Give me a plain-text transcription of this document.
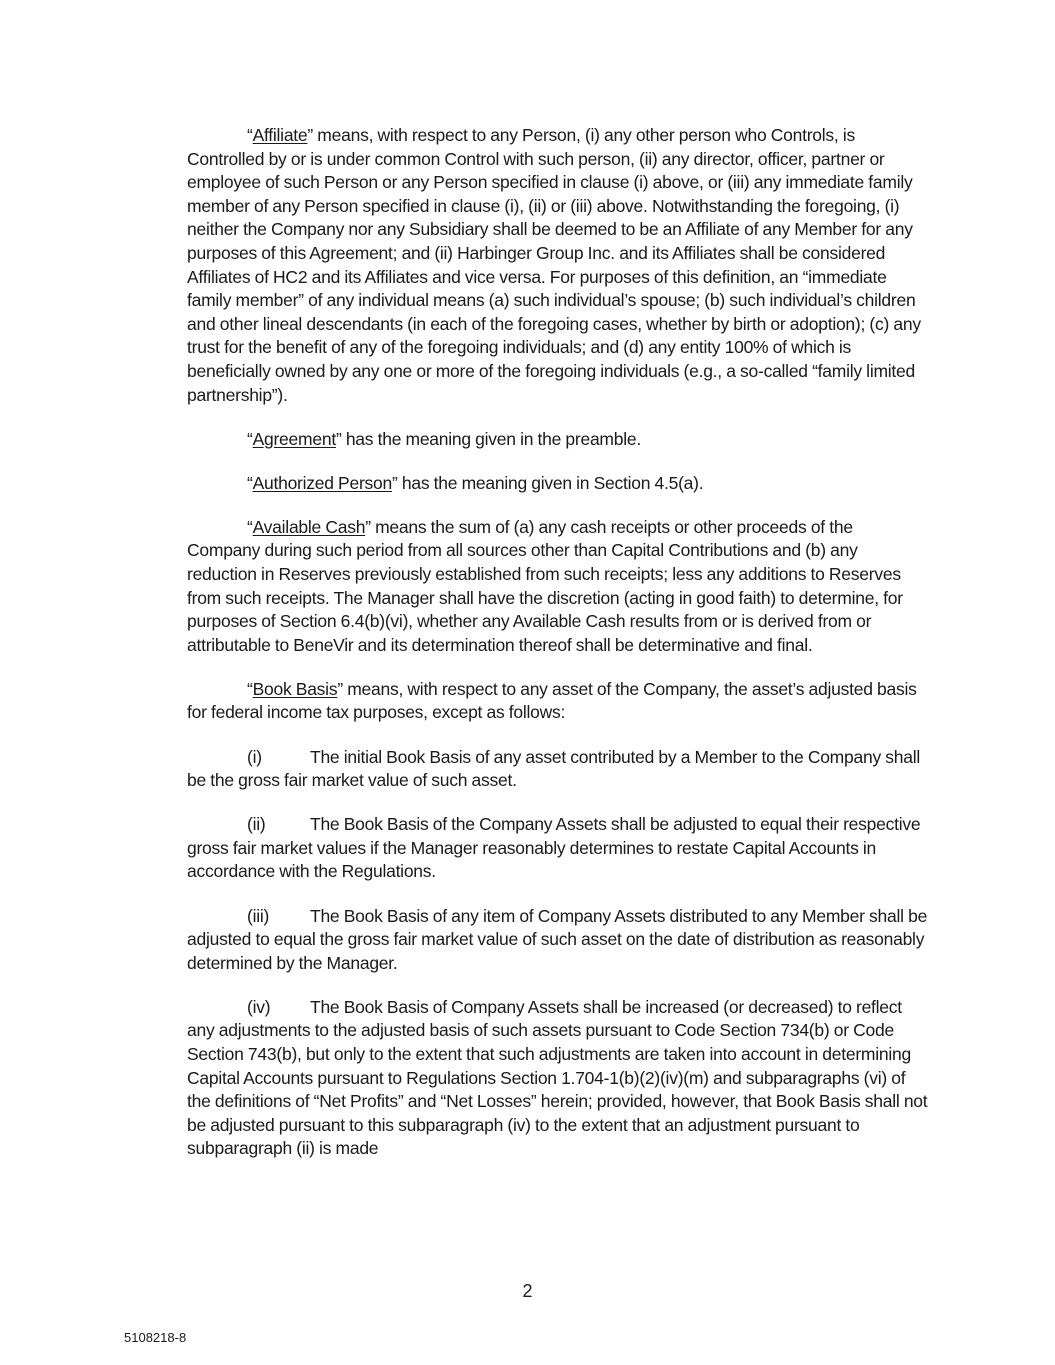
“Affiliate” means, with respect to any Person, (i) any other person who Controls, is Controlled by or is under common Control with such person, (ii) any director, officer, partner or employee of such Person or any Person specified in clause (i) above, or (iii) any immediate family member of any Person specified in clause (i), (ii) or (iii) above. Notwithstanding the foregoing, (i) neither the Company nor any Subsidiary shall be deemed to be an Affiliate of any Member for any purposes of this Agreement; and (ii) Harbinger Group Inc. and its Affiliates shall be considered Affiliates of HC2 and its Affiliates and vice versa. For purposes of this definition, an “immediate family member” of any individual means (a) such individual’s spouse; (b) such individual’s children and other lineal descendants (in each of the foregoing cases, whether by birth or adoption); (c) any trust for the benefit of any of the foregoing individuals; and (d) any entity 100% of which is beneficially owned by any one or more of the foregoing individuals (e.g., a so-called “family limited partnership”).

“Agreement” has the meaning given in the preamble.

“Authorized Person” has the meaning given in Section 4.5(a).

“Available Cash” means the sum of (a) any cash receipts or other proceeds of the Company during such period from all sources other than Capital Contributions and (b) any reduction in Reserves previously established from such receipts; less any additions to Reserves from such receipts. The Manager shall have the discretion (acting in good faith) to determine, for purposes of Section 6.4(b)(vi), whether any Available Cash results from or is derived from or attributable to BeneVir and its determination thereof shall be determinative and final.

“Book Basis” means, with respect to any asset of the Company, the asset’s adjusted basis for federal income tax purposes, except as follows:

(i)	The initial Book Basis of any asset contributed by a Member to the Company shall be the gross fair market value of such asset.

(ii)	The Book Basis of the Company Assets shall be adjusted to equal their respective gross fair market values if the Manager reasonably determines to restate Capital Accounts in accordance with the Regulations.

(iii) The Book Basis of any item of Company Assets distributed to any Member shall be adjusted to equal the gross fair market value of such asset on the date of distribution as reasonably determined by the Manager.

(iv) The Book Basis of Company Assets shall be increased (or decreased) to reflect any adjustments to the adjusted basis of such assets pursuant to Code Section 734(b) or Code Section 743(b), but only to the extent that such adjustments are taken into account in determining Capital Accounts pursuant to Regulations Section 1.704-1(b)(2)(iv)(m) and subparagraphs (vi) of the definitions of “Net Profits” and “Net Losses” herein; provided, however, that Book Basis shall not be adjusted pursuant to this subparagraph (iv) to the extent that an adjustment pursuant to subparagraph (ii) is made

2
5108218-8
